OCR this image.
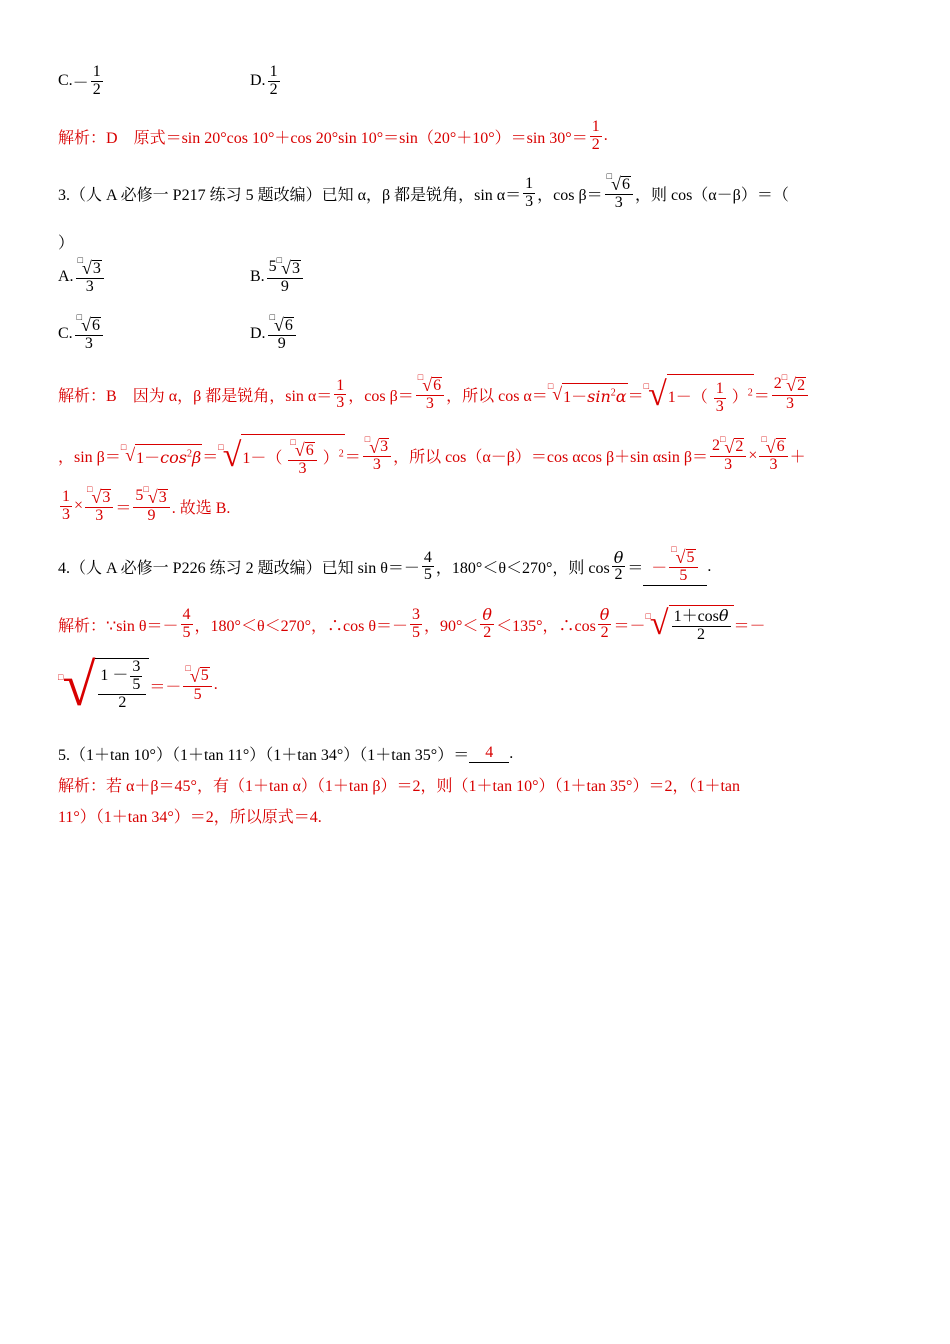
C. － $\frac{1}{2}$	D. $\frac{1}{2}$
解析： D　原式＝sin 20°cos 10°＋cos 20°sin 10°＝sin（20°＋10°）＝sin $30^\circ= \frac{1}{2}$ .
3.（人 A 必修一 P217 练习 5 题改编）已知 α，β 都是锐角，$\sin \alpha= \frac{1}{3}$ ，$\cos \beta= \frac{□ √ 6}{3}$ ，则 cos（α－β）＝（
）
A. $\frac{□ √ 3}{3}$	B. $\frac{5 □ √ 3}{9}$
C. $\frac{□ √ 6}{3}$	D. $\frac{□ √ 6}{9}$
解析： B　因为 α，β 都是锐角，$\sin \alpha= \frac{1}{3}$ ，$\cos \beta= \frac{□ √ 6}{3}$ ，所以 cos α＝
□ √ $1-\sin^2\alpha$ ＝
□ √ $1-( \frac{1}{3} )^2 = \frac{2 □ √ 2}{3}$
，sin β＝
□ √ $1-\cos^2\beta$ ＝
□ √ $1-( \frac{□ √ 6}{3} )^2 = \frac{□ √ 3}{3}$ ，所以 cos（α－β）＝cos αcos β＋sin αsin $\beta= \frac{2 □ √ 2}{3} \times \frac{□ √ 6}{3}$ ＋
$\frac{1}{3} \times \frac{□ √ 3}{3} = \frac{5 □ √ 3}{9}$ . 故选 B.
4.（人 A 必修一 P226 练习 2 题改编）已知 $\sin \theta=- \frac{4}{5}$ ，180°＜θ＜270°，则 $\cos \frac{\theta}{2}$ ＝ － $\frac{□ √ 5}{5}$ .
解析： ∵sin $\theta=- \frac{4}{5}$ ，180°＜θ＜270°，∴cos $\theta=- \frac{3}{5}$ ，$90^\circ< \frac{\theta}{2} <135^\circ$，∴cos $\frac{\theta}{2}$ ＝－
□ √ $\frac{1+\cos\theta}{2}$ ＝－
□ √ $\frac{1 - \frac{3}{5}}{2} =- \frac{□ √ 5}{5}$ .
5.（1＋tan 10°）（1＋tan 11°）（1＋tan 34°）（1＋tan 35°）＝	4	.
解析： 若 α＋β＝45°，有（1＋tan α）（1＋tan β）＝2，则（1＋tan 10°）（1＋tan 35°）＝2，（1＋tan
11°）（1＋tan 34°）＝2，所以原式＝4.
